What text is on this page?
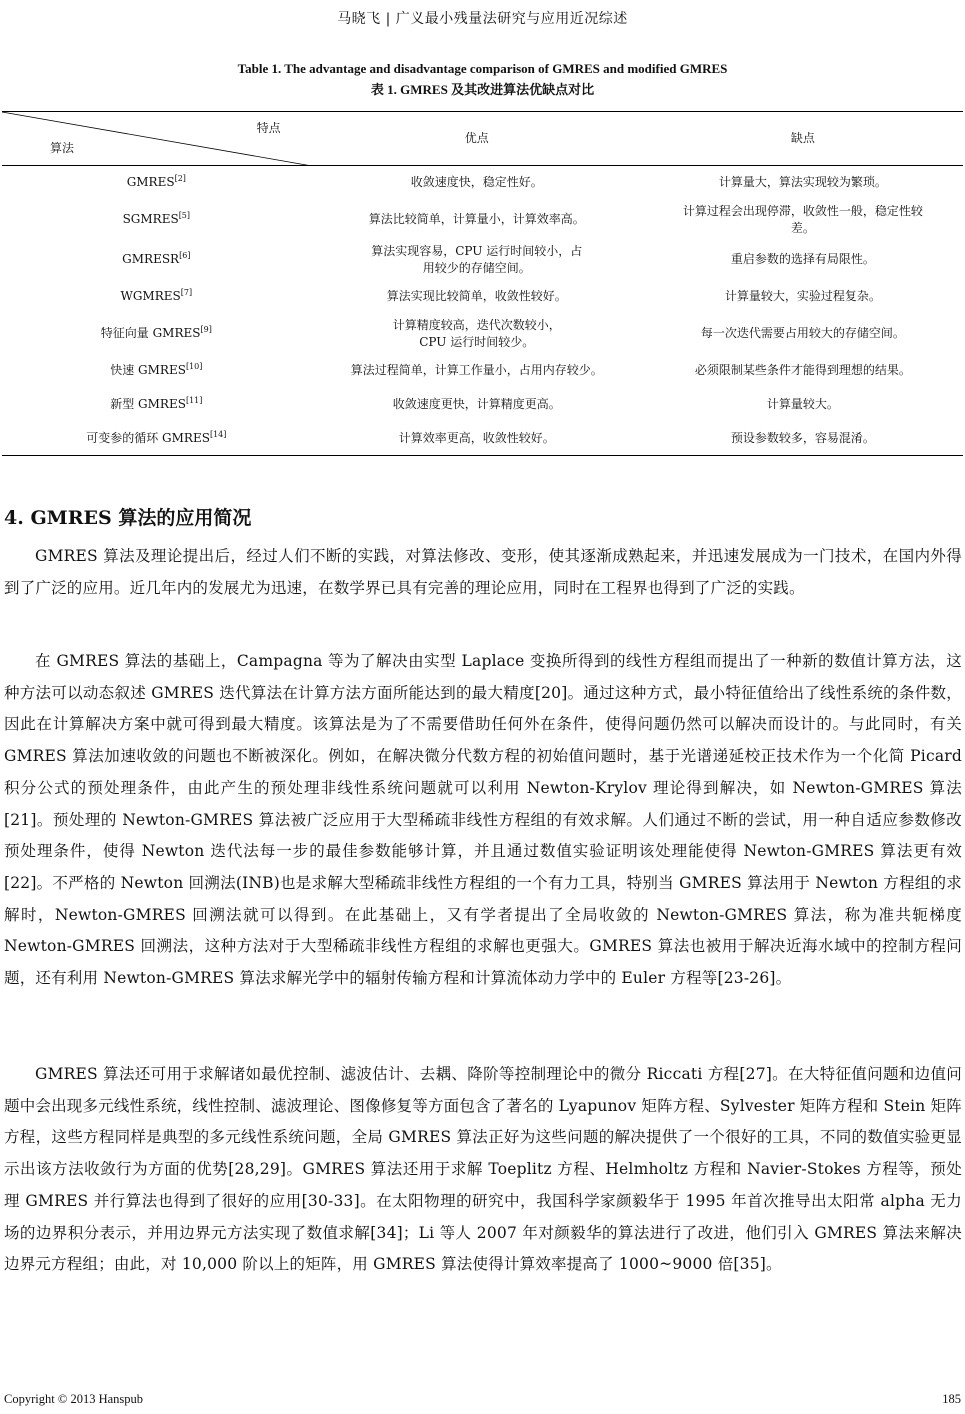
马晓飞 | 广义最小残量法研究与应用近况综述
Table 1. The advantage and disadvantage comparison of GMRES and modified GMRES
表 1. GMRES 及其改进算法优缺点对比
特点
算法	优点	缺点
GMRES[2]	收敛速度快，稳定性好。	计算量大，算法实现较为繁琐。
SGMRES[5]	算法比较简单，计算量小，计算效率高。	计算过程会出现停滞，收敛性一般，稳定性较差。
GMRESR[6]	算法实现容易，CPU 运行时间较小，占用较少的存储空间。	重启参数的选择有局限性。
WGMRES[7]	算法实现比较简单，收敛性较好。	计算量较大，实验过程复杂。
特征向量 GMRES[9]	计算精度较高，迭代次数较小，CPU 运行时间较少。	每一次迭代需要占用较大的存储空间。
快速 GMRES[10]	算法过程简单，计算工作量小，占用内存较少。	必须限制某些条件才能得到理想的结果。
新型 GMRES[11]	收敛速度更快，计算精度更高。	计算量较大。
可变参的循环 GMRES[14]	计算效率更高，收敛性较好。	预设参数较多，容易混淆。
4. GMRES 算法的应用简况

GMRES 算法及理论提出后，经过人们不断的实践，对算法修改、变形，使其逐渐成熟起来，并迅速发展成为一门技术，在国内外得到了广泛的应用。近几年内的发展尤为迅速，在数学界已具有完善的理论应用，同时在工程界也得到了广泛的实践。

在 GMRES 算法的基础上，Campagna 等为了解决由实型 Laplace 变换所得到的线性方程组而提出了一种新的数值计算方法，这种方法可以动态叙述 GMRES 迭代算法在计算方法方面所能达到的最大精度[20]。通过这种方式，最小特征值给出了线性系统的条件数，因此在计算解决方案中就可得到最大精度。该算法是为了不需要借助任何外在条件，使得问题仍然可以解决而设计的。与此同时，有关 GMRES 算法加速收敛的问题也不断被深化。例如，在解决微分代数方程的初始值问题时，基于光谱递延校正技术作为一个化简 Picard 积分公式的预处理条件，由此产生的预处理非线性系统问题就可以利用 Newton-Krylov 理论得到解决，如 Newton-GMRES 算法[21]。预处理的 Newton-GMRES 算法被广泛应用于大型稀疏非线性方程组的有效求解。人们通过不断的尝试，用一种自适应参数修改预处理条件，使得 Newton 迭代法每一步的最佳参数能够计算，并且通过数值实验证明该处理能使得 Newton-GMRES 算法更有效[22]。不严格的 Newton 回溯法(INB)也是求解大型稀疏非线性方程组的一个有力工具，特别当 GMRES 算法用于 Newton 方程组的求解时，Newton-GMRES 回溯法就可以得到。在此基础上，又有学者提出了全局收敛的 Newton-GMRES 算法，称为准共轭梯度 Newton-GMRES 回溯法，这种方法对于大型稀疏非线性方程组的求解也更强大。GMRES 算法也被用于解决近海水域中的控制方程问题，还有利用 Newton-GMRES 算法求解光学中的辐射传输方程和计算流体动力学中的 Euler 方程等[23-26]。

GMRES 算法还可用于求解诸如最优控制、滤波估计、去耦、降阶等控制理论中的微分 Riccati 方程[27]。在大特征值问题和边值问题中会出现多元线性系统，线性控制、滤波理论、图像修复等方面包含了著名的 Lyapunov 矩阵方程、Sylvester 矩阵方程和 Stein 矩阵方程，这些方程同样是典型的多元线性系统问题，全局 GMRES 算法正好为这些问题的解决提供了一个很好的工具，不同的数值实验更显示出该方法收敛行为方面的优势[28,29]。GMRES 算法还用于求解 Toeplitz 方程、Helmholtz 方程和 Navier-Stokes 方程等，预处理 GMRES 并行算法也得到了很好的应用[30-33]。在太阳物理的研究中，我国科学家颜毅华于 1995 年首次推导出太阳常 alpha 无力场的边界积分表示，并用边界元方法实现了数值求解[34]；Li 等人 2007 年对颜毅华的算法进行了改进，他们引入 GMRES 算法来解决边界元方程组；由此，对 10,000 阶以上的矩阵，用 GMRES 算法使得计算效率提高了 1000~9000 倍[35]。

Copyright © 2013 Hanspub	185
